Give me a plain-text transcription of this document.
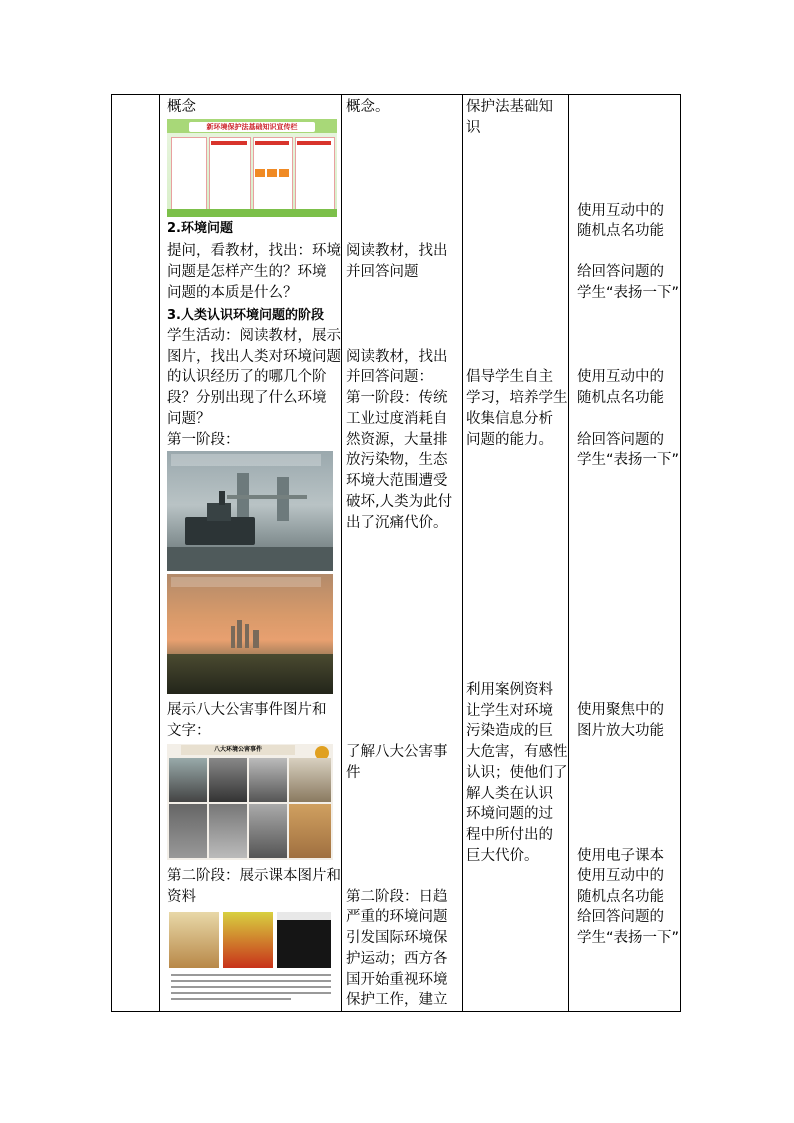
概念
新环境保护法基础知识宣传栏
2.环境问题
提问，看教材，找出：环境
问题是怎样产生的？环境
问题的本质是什么？
3.人类认识环境问题的阶段
学生活动：阅读教材，展示
图片，找出人类对环境问题
的认识经历了的哪几个阶
段？分别出现了什么环境
问题？
第一阶段：
展示八大公害事件图片和
文字：
八大环境公害事件
第二阶段：展示课本图片和
资料
概念。
阅读教材，找出
并回答问题
阅读教材，找出
并回答问题：
第一阶段：传统
工业过度消耗自
然资源，大量排
放污染物，生态
环境大范围遭受
破坏,人类为此付
出了沉痛代价。
了解八大公害事
件
第二阶段：日趋
严重的环境问题
引发国际环境保
护运动；西方各
国开始重视环境
保护工作，建立
保护法基础知
识
倡导学生自主
学习，培养学生
收集信息分析
问题的能力。
利用案例资料
让学生对环境
污染造成的巨
大危害，有感性
认识；使他们了
解人类在认识
环境问题的过
程中所付出的
巨大代价。
使用互动中的
随机点名功能
给回答问题的
学生“表扬一下”
使用互动中的
随机点名功能
给回答问题的
学生“表扬一下”
使用聚焦中的
图片放大功能
使用电子课本
使用互动中的
随机点名功能
给回答问题的
学生“表扬一下”
